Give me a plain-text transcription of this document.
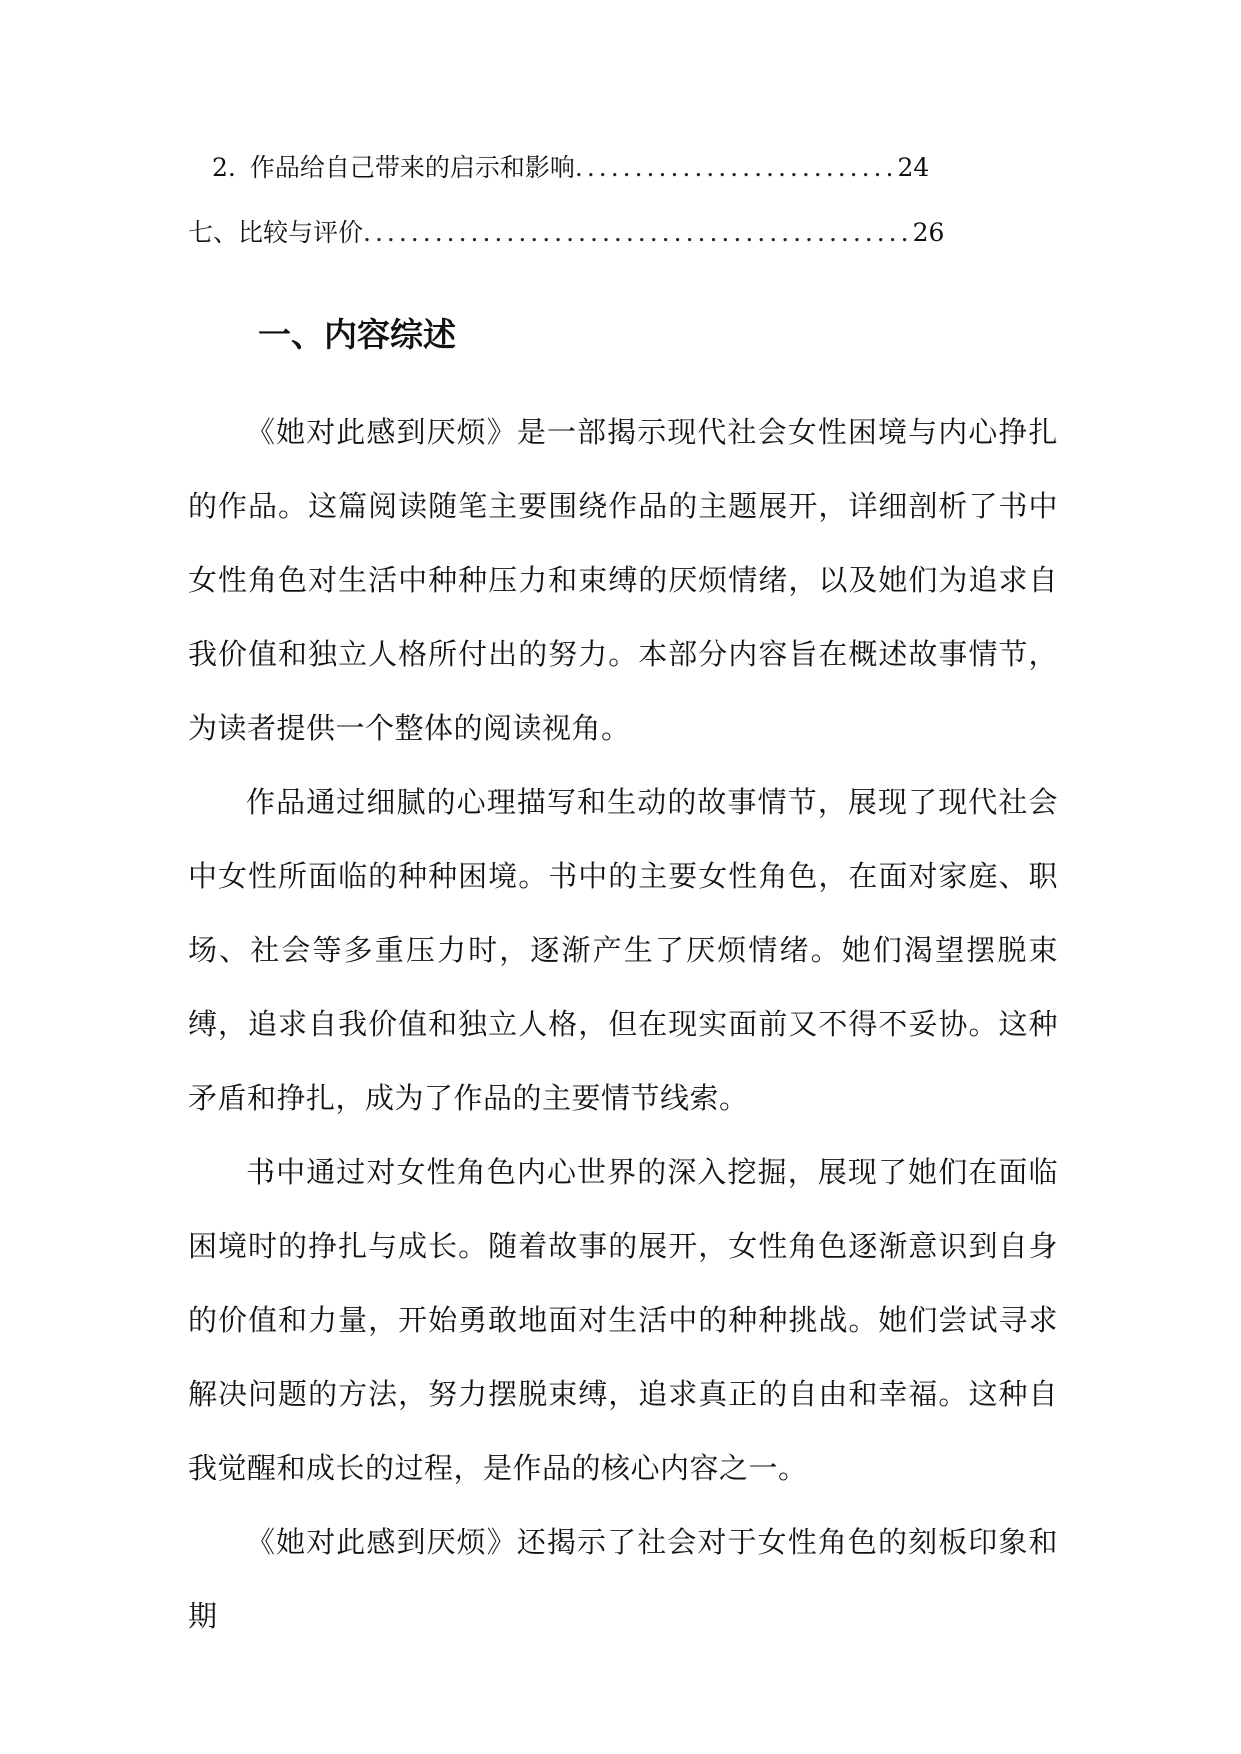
2. 作品给自己带来的启示和影响 ........................... 24
七、比较与评价 .............................................. 26
一、内容综述

《她对此感到厌烦》是一部揭示现代社会女性困境与内心挣扎的作品。这篇阅读随笔主要围绕作品的主题展开，详细剖析了书中女性角色对生活中种种压力和束缚的厌烦情绪，以及她们为追求自我价值和独立人格所付出的努力。本部分内容旨在概述故事情节，为读者提供一个整体的阅读视角。

作品通过细腻的心理描写和生动的故事情节，展现了现代社会中女性所面临的种种困境。书中的主要女性角色，在面对家庭、职场、社会等多重压力时，逐渐产生了厌烦情绪。她们渴望摆脱束缚，追求自我价值和独立人格，但在现实面前又不得不妥协。这种矛盾和挣扎，成为了作品的主要情节线索。

书中通过对女性角色内心世界的深入挖掘，展现了她们在面临困境时的挣扎与成长。随着故事的展开，女性角色逐渐意识到自身的价值和力量，开始勇敢地面对生活中的种种挑战。她们尝试寻求解决问题的方法，努力摆脱束缚，追求真正的自由和幸福。这种自我觉醒和成长的过程，是作品的核心内容之一。

《她对此感到厌烦》还揭示了社会对于女性角色的刻板印象和期
